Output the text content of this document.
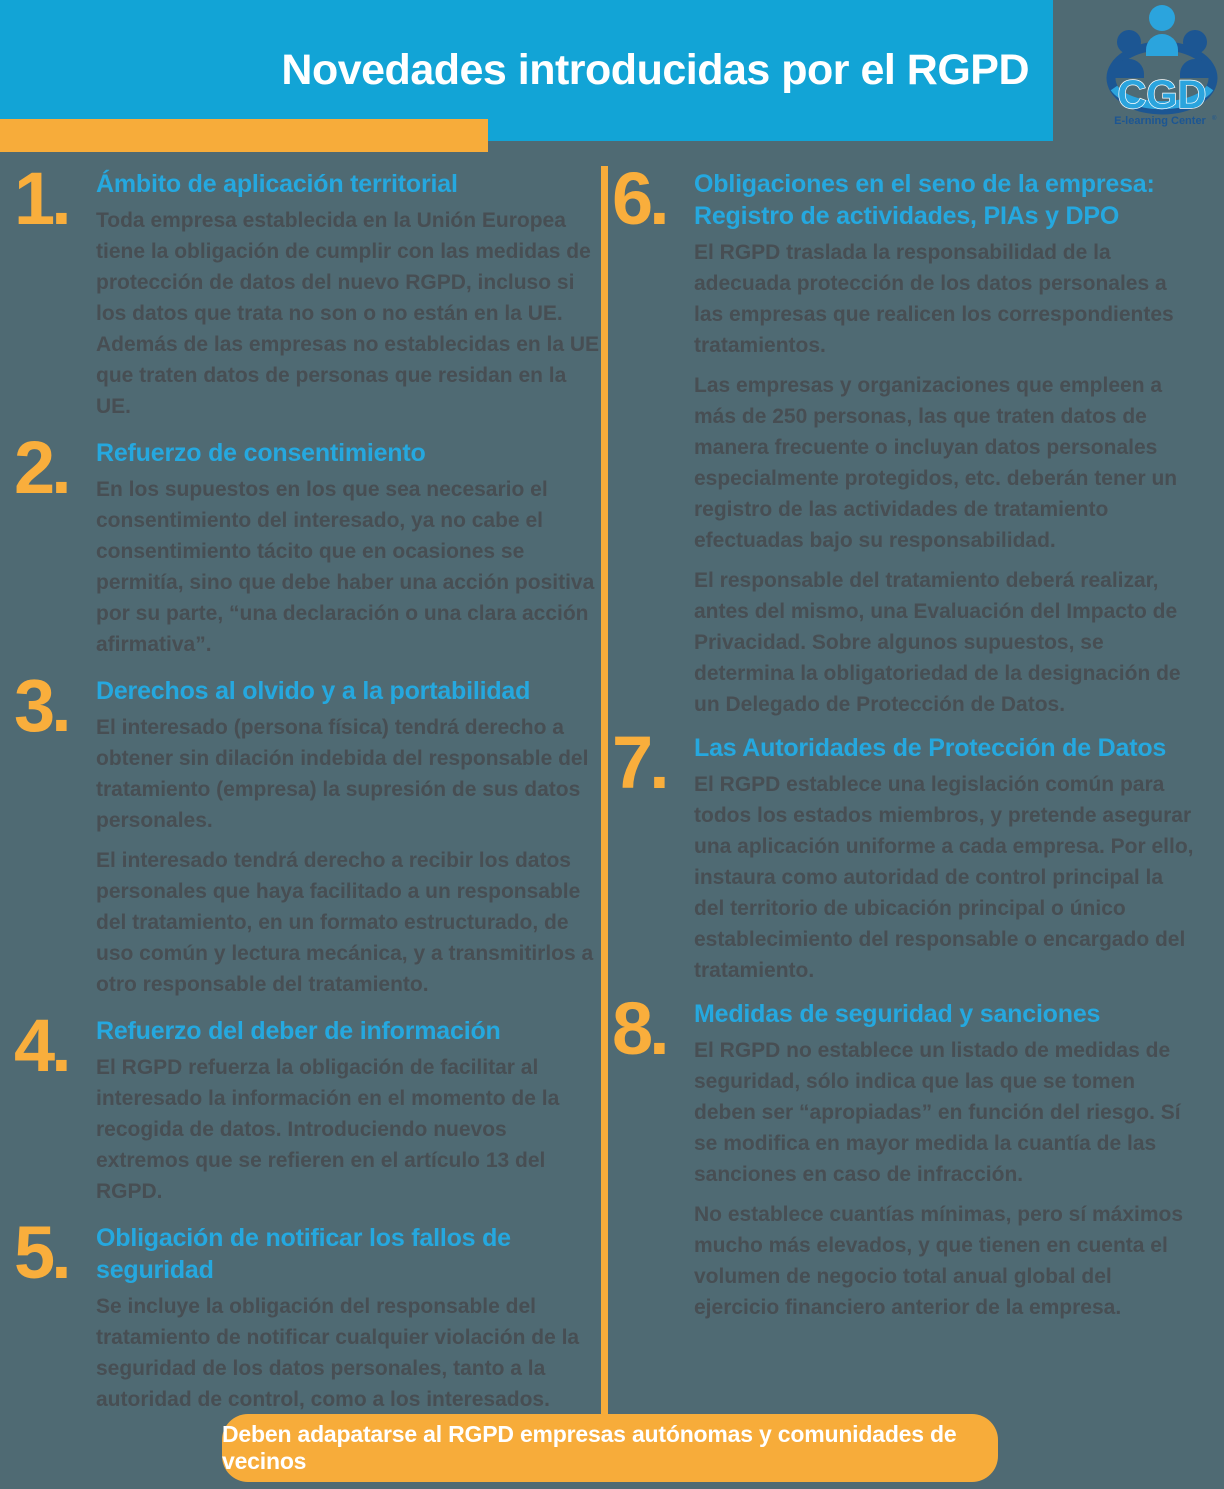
Novedades introducidas por el RGPD
CGD
E-learning Center ®
1.	Ámbito de aplicación territorial

Toda empresa establecida en la Unión Europea tiene la obligación de cumplir con las medidas de protección de datos del nuevo RGPD, incluso si los datos que trata no son o no están en la UE. Además de las empresas no establecidas en la UE que traten datos de personas que residan en la UE.

2.	Refuerzo de consentimiento

En los supuestos en los que sea necesario el consentimiento del interesado, ya no cabe el consentimiento tácito que en ocasiones se permitía, sino que debe haber una acción positiva por su parte, “una declaración o una clara acción afirmativa”.

3.	Derechos al olvido y a la portabilidad

El interesado (persona física) tendrá derecho a obtener sin dilación indebida del responsable del tratamiento (empresa) la supresión de sus datos personales.

El interesado tendrá derecho a recibir los datos personales que haya facilitado a un responsable del tratamiento, en un formato estructurado, de uso común y lectura mecánica, y a transmitirlos a otro responsable del tratamiento.

4.	Refuerzo del deber de información

El RGPD refuerza la obligación de facilitar al interesado la información en el momento de la recogida de datos. Introduciendo nuevos extremos que se refieren en el artículo 13 del RGPD.

5.	Obligación de notificar los fallos de seguridad

Se incluye la obligación del responsable del tratamiento de notificar cualquier violación de la seguridad de los datos personales, tanto a la autoridad de control, como a los interesados.

6.	Obligaciones en el seno de la empresa: Registro de actividades, PIAs y DPO

El RGPD traslada la responsabilidad de la adecuada protección de los datos personales a las empresas que realicen los correspondientes tratamientos.

Las empresas y organizaciones que empleen a más de 250 personas, las que traten datos de manera frecuente o incluyan datos personales especialmente protegidos, etc. deberán tener un registro de las actividades de tratamiento efectuadas bajo su responsabilidad.

El responsable del tratamiento deberá realizar, antes del mismo, una Evaluación del Impacto de Privacidad. Sobre algunos supuestos, se determina la obligatoriedad de la designación de un Delegado de Protección de Datos.

7.	Las Autoridades de Protección de Datos

El RGPD establece una legislación común para todos los estados miembros, y pretende asegurar una aplicación uniforme a cada empresa. Por ello, instaura como autoridad de control principal la del territorio de ubicación principal o único establecimiento del responsable o encargado del tratamiento.

8.	Medidas de seguridad y sanciones

El RGPD no establece un listado de medidas de seguridad, sólo indica que las que se tomen deben ser “apropiadas” en función del riesgo. Sí se modifica en mayor medida la cuantía de las sanciones en caso de infracción.

No establece cuantías mínimas, pero sí máximos mucho más elevados, y que tienen en cuenta el volumen de negocio total anual global del ejercicio financiero anterior de la empresa.

Deben adapatarse al RGPD empresas autónomas y comunidades de vecinos
